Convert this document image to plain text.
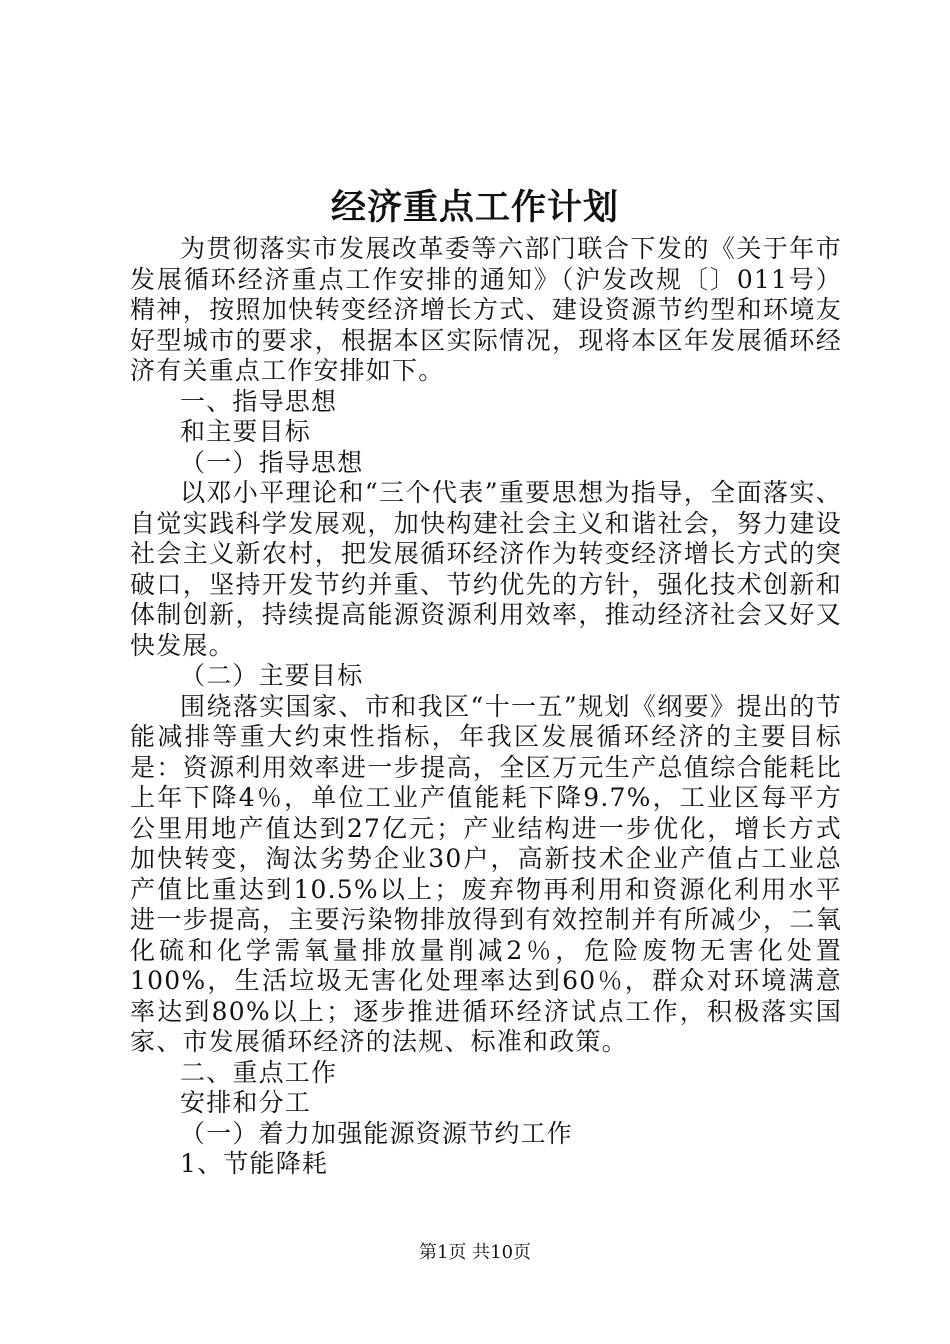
经济重点工作计划

为贯彻落实市发展改革委等六部门联合下发的《关于年市发展循环经济重点工作安排的通知》（沪发改规〔〕011号）精神，按照加快转变经济增长方式、建设资源节约型和环境友好型城市的要求，根据本区实际情况，现将本区年发展循环经济有关重点工作安排如下。

一、指导思想

和主要目标

（一）指导思想

以邓小平理论和“三个代表”重要思想为指导，全面落实、自觉实践科学发展观，加快构建社会主义和谐社会，努力建设社会主义新农村，把发展循环经济作为转变经济增长方式的突破口，坚持开发节约并重、节约优先的方针，强化技术创新和体制创新，持续提高能源资源利用效率，推动经济社会又好又快发展。

（二）主要目标

围绕落实国家、市和我区“十一五”规划《纲要》提出的节能减排等重大约束性指标，年我区发展循环经济的主要目标是：资源利用效率进一步提高，全区万元生产总值综合能耗比上年下降4％，单位工业产值能耗下降9.7%，工业区每平方公里用地产值达到27亿元；产业结构进一步优化，增长方式加快转变，淘汰劣势企业30户，高新技术企业产值占工业总产值比重达到10.5%以上；废弃物再利用和资源化利用水平进一步提高，主要污染物排放得到有效控制并有所减少，二氧化硫和化学需氧量排放量削减2％，危险废物无害化处置100%，生活垃圾无害化处理率达到60％，群众对环境满意率达到80%以上；逐步推进循环经济试点工作，积极落实国家、市发展循环经济的法规、标准和政策。

二、重点工作

安排和分工

（一）着力加强能源资源节约工作

1、节能降耗

第1页 共10页
